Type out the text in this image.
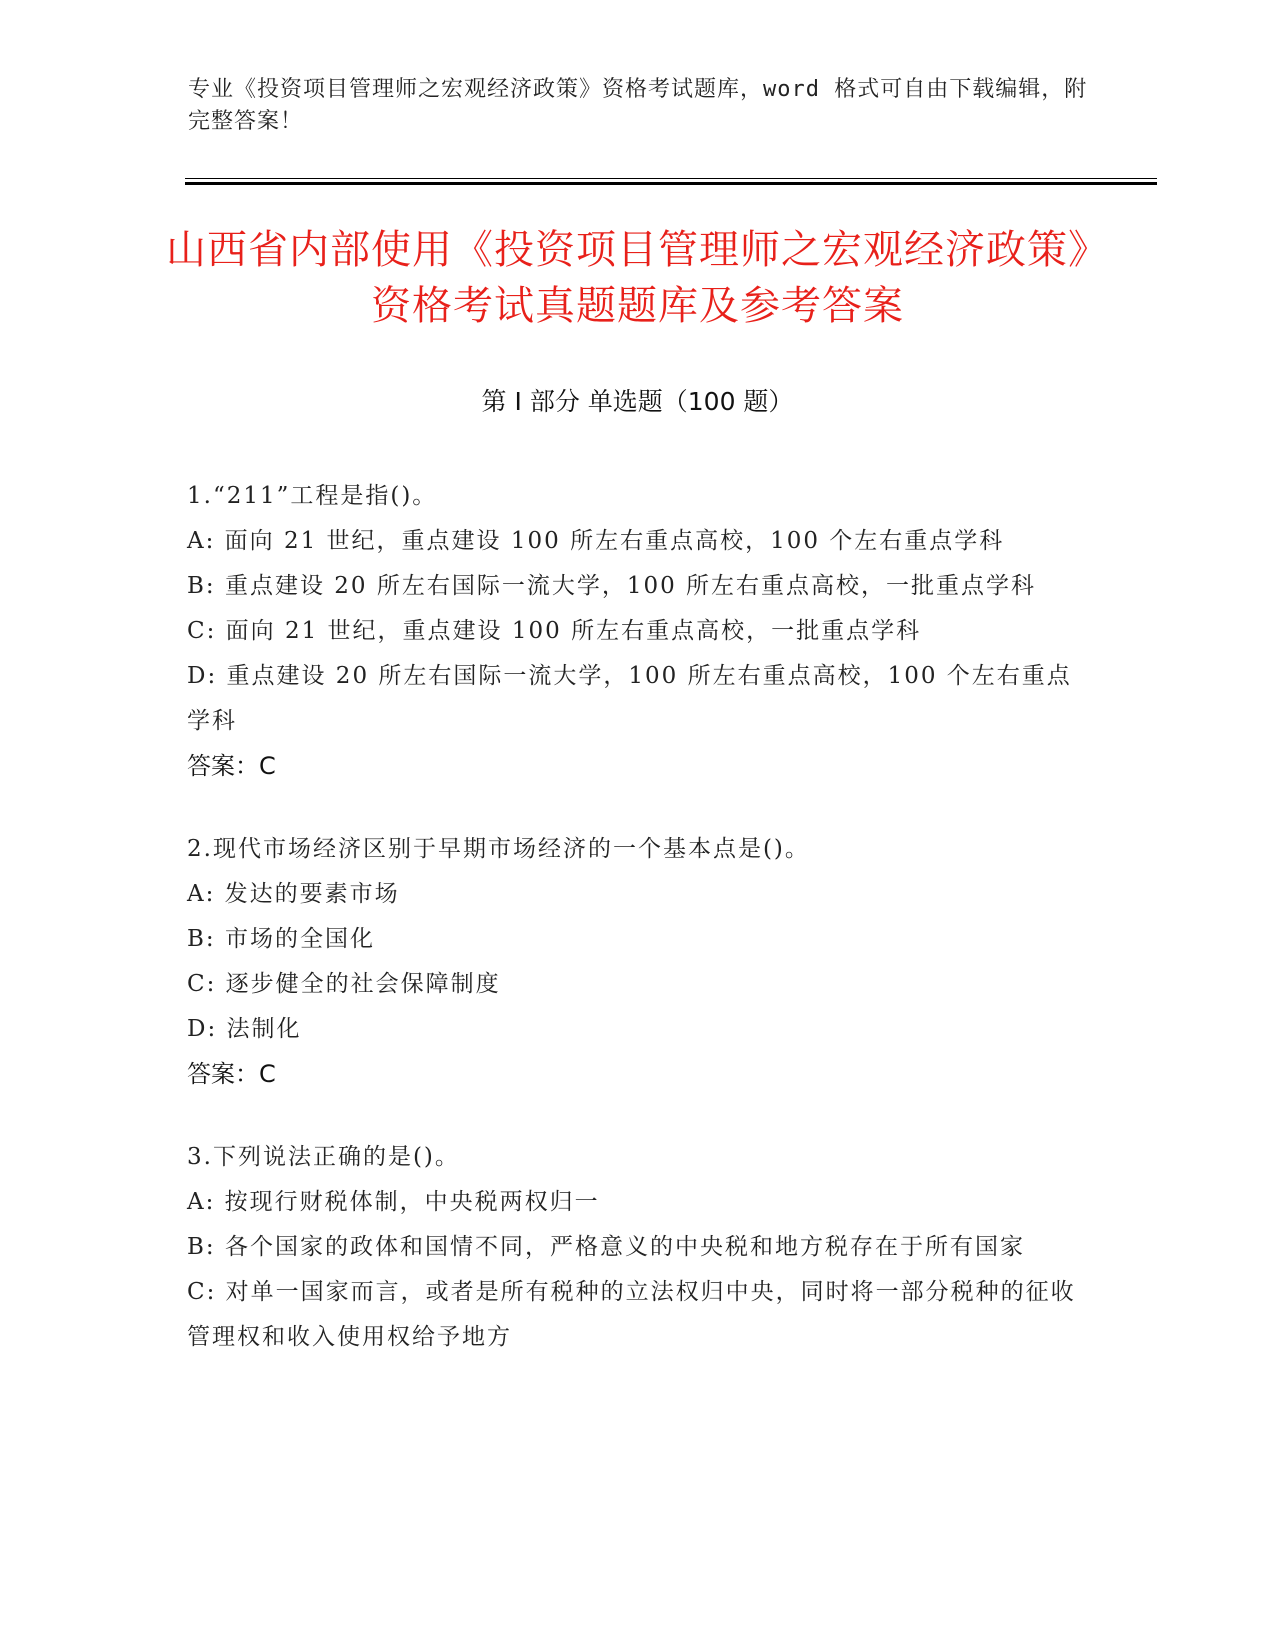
专业《投资项目管理师之宏观经济政策》资格考试题库，word 格式可自由下载编辑，附完整答案！
山西省内部使用《投资项目管理师之宏观经济政策》资格考试真题题库及参考答案
第 I 部分 单选题（100 题）
1.“211”工程是指()。
A: 面向 21 世纪，重点建设 100 所左右重点高校，100 个左右重点学科
B: 重点建设 20 所左右国际一流大学，100 所左右重点高校，一批重点学科
C: 面向 21 世纪，重点建设 100 所左右重点高校，一批重点学科
D: 重点建设 20 所左右国际一流大学，100 所左右重点高校，100 个左右重点学科
答案：C
2.现代市场经济区别于早期市场经济的一个基本点是()。
A: 发达的要素市场
B: 市场的全国化
C: 逐步健全的社会保障制度
D: 法制化
答案：C
3.下列说法正确的是()。
A: 按现行财税体制，中央税两权归一
B: 各个国家的政体和国情不同，严格意义的中央税和地方税存在于所有国家
C: 对单一国家而言，或者是所有税种的立法权归中央，同时将一部分税种的征收管理权和收入使用权给予地方
